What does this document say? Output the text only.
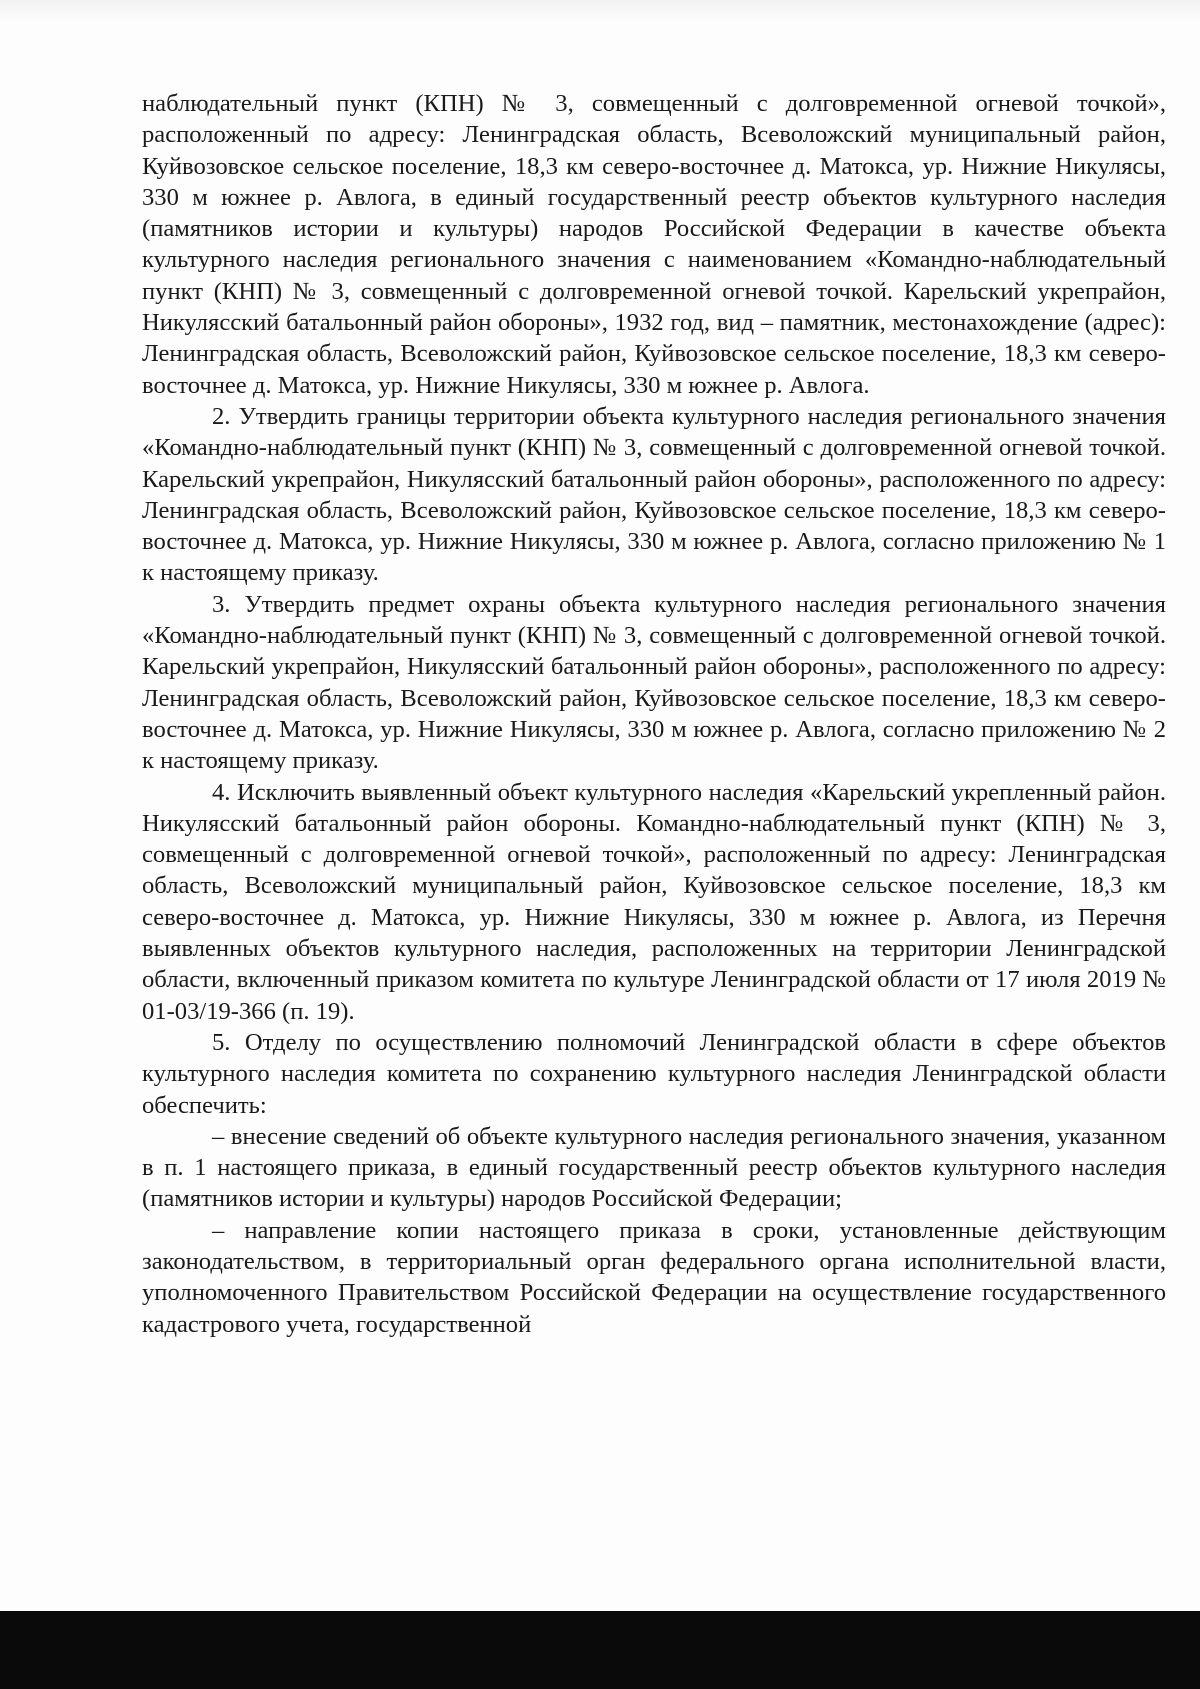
наблюдательный пункт (КПН) № 3, совмещенный с долговременной огневой точкой», расположенный по адресу: Ленинградская область, Всеволожский муниципальный район, Куйвозовское сельское поселение, 18,3 км северо-восточнее д. Матокса, ур. Нижние Никулясы, 330 м южнее р. Авлога, в единый государственный реестр объектов культурного наследия (памятников истории и культуры) народов Российской Федерации в качестве объекта культурного наследия регионального значения с наименованием «Командно-наблюдательный пункт (КНП) № 3, совмещенный с долговременной огневой точкой. Карельский укрепрайон, Никулясский батальонный район обороны», 1932 год, вид – памятник, местонахождение (адрес): Ленинградская область, Всеволожский район, Куйвозовское сельское поселение, 18,3 км северо-восточнее д. Матокса, ур. Нижние Никулясы, 330 м южнее р. Авлога.

2. Утвердить границы территории объекта культурного наследия регионального значения «Командно-наблюдательный пункт (КНП) № 3, совмещенный с долговременной огневой точкой. Карельский укрепрайон, Никулясский батальонный район обороны», расположенного по адресу: Ленинградская область, Всеволожский район, Куйвозовское сельское поселение, 18,3 км северо-восточнее д. Матокса, ур. Нижние Никулясы, 330 м южнее р. Авлога, согласно приложению № 1 к настоящему приказу.

3. Утвердить предмет охраны объекта культурного наследия регионального значения «Командно-наблюдательный пункт (КНП) № 3, совмещенный с долговременной огневой точкой. Карельский укрепрайон, Никулясский батальонный район обороны», расположенного по адресу: Ленинградская область, Всеволожский район, Куйвозовское сельское поселение, 18,3 км северо-восточнее д. Матокса, ур. Нижние Никулясы, 330 м южнее р. Авлога, согласно приложению № 2 к настоящему приказу.

4. Исключить выявленный объект культурного наследия «Карельский укрепленный район. Никулясский батальонный район обороны. Командно-наблюдательный пункт (КПН) № 3, совмещенный с долговременной огневой точкой», расположенный по адресу: Ленинградская область, Всеволожский муниципальный район, Куйвозовское сельское поселение, 18,3 км северо-восточнее д. Матокса, ур. Нижние Никулясы, 330 м южнее р. Авлога, из Перечня выявленных объектов культурного наследия, расположенных на территории Ленинградской области, включенный приказом комитета по культуре Ленинградской области от 17 июля 2019 № 01-03/19-366 (п. 19).

5. Отделу по осуществлению полномочий Ленинградской области в сфере объектов культурного наследия комитета по сохранению культурного наследия Ленинградской области обеспечить:

– внесение сведений об объекте культурного наследия регионального значения, указанном в п. 1 настоящего приказа, в единый государственный реестр объектов культурного наследия (памятников истории и культуры) народов Российской Федерации;

– направление копии настоящего приказа в сроки, установленные действующим законодательством, в территориальный орган федерального органа исполнительной власти, уполномоченного Правительством Российской Федерации на осуществление государственного кадастрового учета, государственной
